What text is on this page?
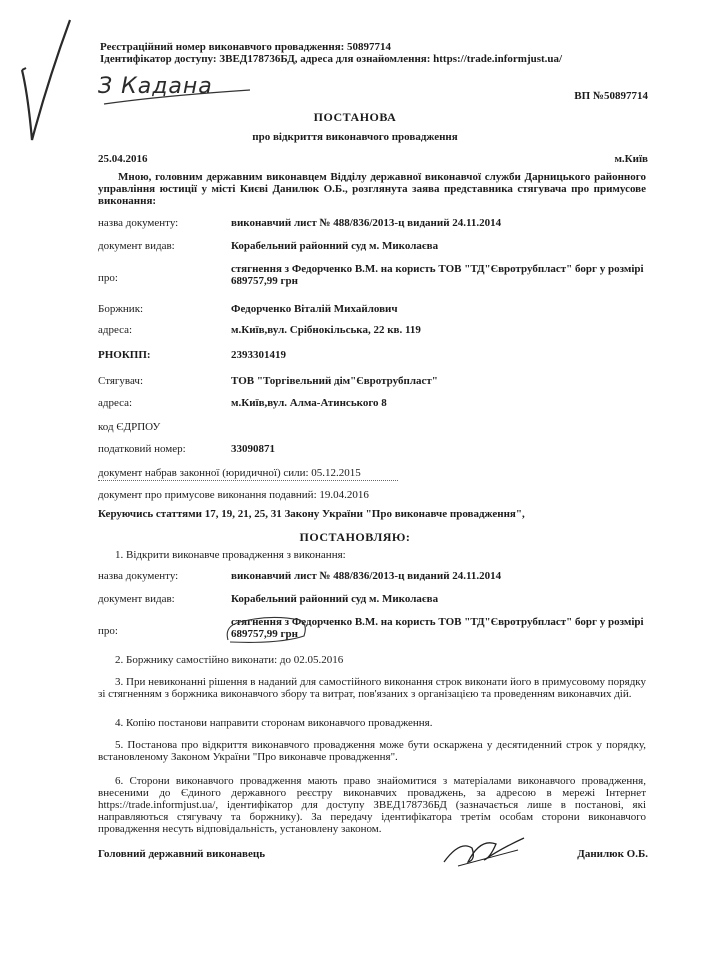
Реєстраційний номер виконавчого провадження: 50897714
Ідентифікатор доступу: ЗВЕД178736БД, адреса для ознайомлення: https://trade.informjust.ua/
З Кадана	ВП №50897714
ПОСТАНОВА
про відкриття виконавчого провадження
25.04.2016	м.Київ
Мною, головним державним виконавцем Відділу державної виконавчої служби Дарницького районного управління юстиції у місті Києві Данилюк О.Б., розглянута заява представника стягувача про примусове виконання:
назва документу:	виконавчий лист № 488/836/2013-ц виданий 24.11.2014
документ видав:	Корабельний районний суд м. Миколаєва
про:
стягнення з Федорченко В.М. на користь ТОВ "ТД"Євротрубпласт" борг у розмірі 689757,99 грн
Боржник:	Федорченко Віталій Михайлович
адреса:	м.Київ,вул. Срібнокільська, 22 кв. 119
РНОКПП:	2393301419
Стягувач:	ТОВ "Торгівельний дім"Євротрубпласт"
адреса:	м.Київ,вул. Алма-Атинського 8
код ЄДРПОУ
податковий номер:	33090871
документ набрав законної (юридичної) сили: 05.12.2015
документ про примусове виконання подавний: 19.04.2016
Керуючись статтями 17, 19, 21, 25, 31 Закону України "Про виконавче провадження",
ПОСТАНОВЛЯЮ:
1. Відкрити виконавче провадження з виконання:
назва документу:	виконавчий лист № 488/836/2013-ц виданий 24.11.2014
документ видав:	Корабельний районний суд м. Миколаєва
про:
стягнення з Федорченко В.М. на користь ТОВ "ТД"Євротрубпласт" борг у розмірі 689757,99 грн
2. Боржнику самостійно виконати: до 02.05.2016
3. При невиконанні рішення в наданий для самостійного виконання строк виконати його в примусовому порядку зі стягненням з боржника виконавчого збору та витрат, пов'язаних з організацією та проведенням виконавчих дій.
4. Копію постанови направити сторонам виконавчого провадження.
5. Постанова про відкриття виконавчого провадження може бути оскаржена у десятиденний строк у порядку, встановленому Законом України "Про виконавче провадження".
6. Сторони виконавчого провадження мають право знайомитися з матеріалами виконавчого провадження, внесеними до Єдиного державного реєстру виконавчих проваджень, за адресою в мережі Інтернет https://trade.informjust.ua/, ідентифікатор для доступу ЗВЕД178736БД (зазначається лише в постанові, які направляються стягувачу та боржнику). За передачу ідентифікатора третім особам сторони виконавчого провадження несуть відповідальність, установлену законом.
Головний державний виконавець	Данилюк О.Б.
